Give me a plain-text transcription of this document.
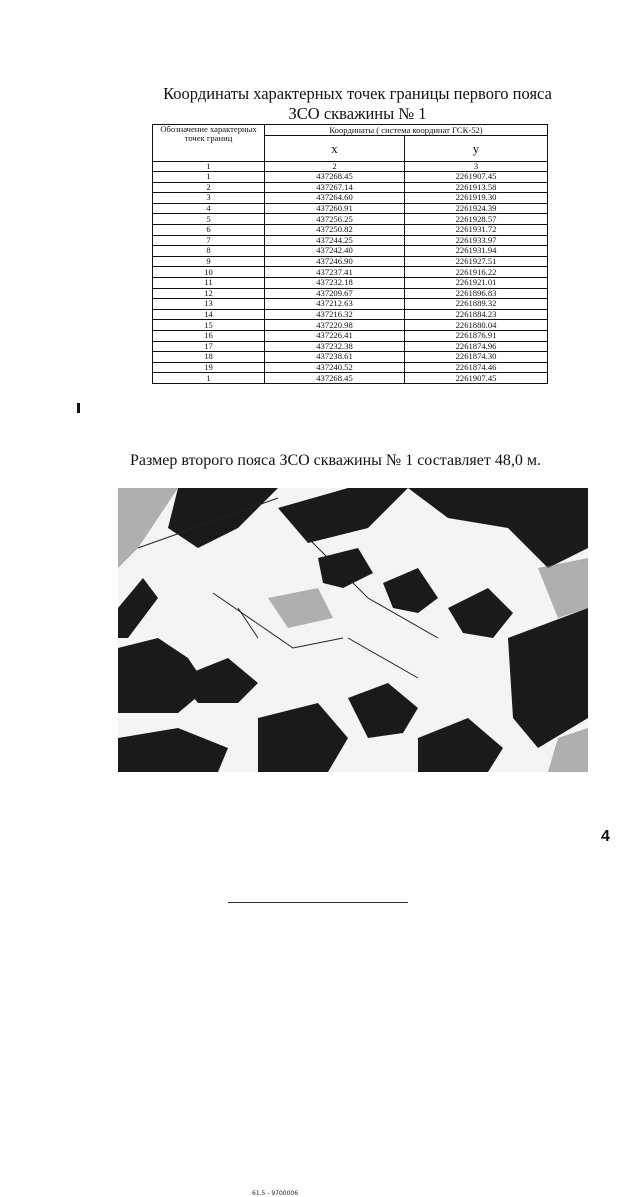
Координаты характерных точек границы первого пояса ЗСО скважины № 1
Обозначение характерных точек границ	Координаты ( система координат ГСК-52)	
	х	у
1	2	3
1	437268.45	2261907.45
2	437267.14	2261913.58
3	437264.60	2261919.30
4	437260.91	2261924.39
5	437256.25	2261928.57
6	437250.82	2261931.72
7	437244.25	2261933.97
8	437242.40	2261931.94
9	437246.90	2261927.51
10	437237.41	2261916.22
11	437232.18	2261921.01
12	437209.67	2261896.83
13	437212.63	2261889.32
14	437216.32	2261884.23
15	437220.98	2261880.04
16	437226.41	2261876.91
17	437232.38	2261874.96
18	437238.61	2261874.30
19	437240.52	2261874.46
1	437268.45	2261907.45

Размер второго пояса ЗСО скважины № 1 составляет 48,0 м.

61.5 - 9700006
4
